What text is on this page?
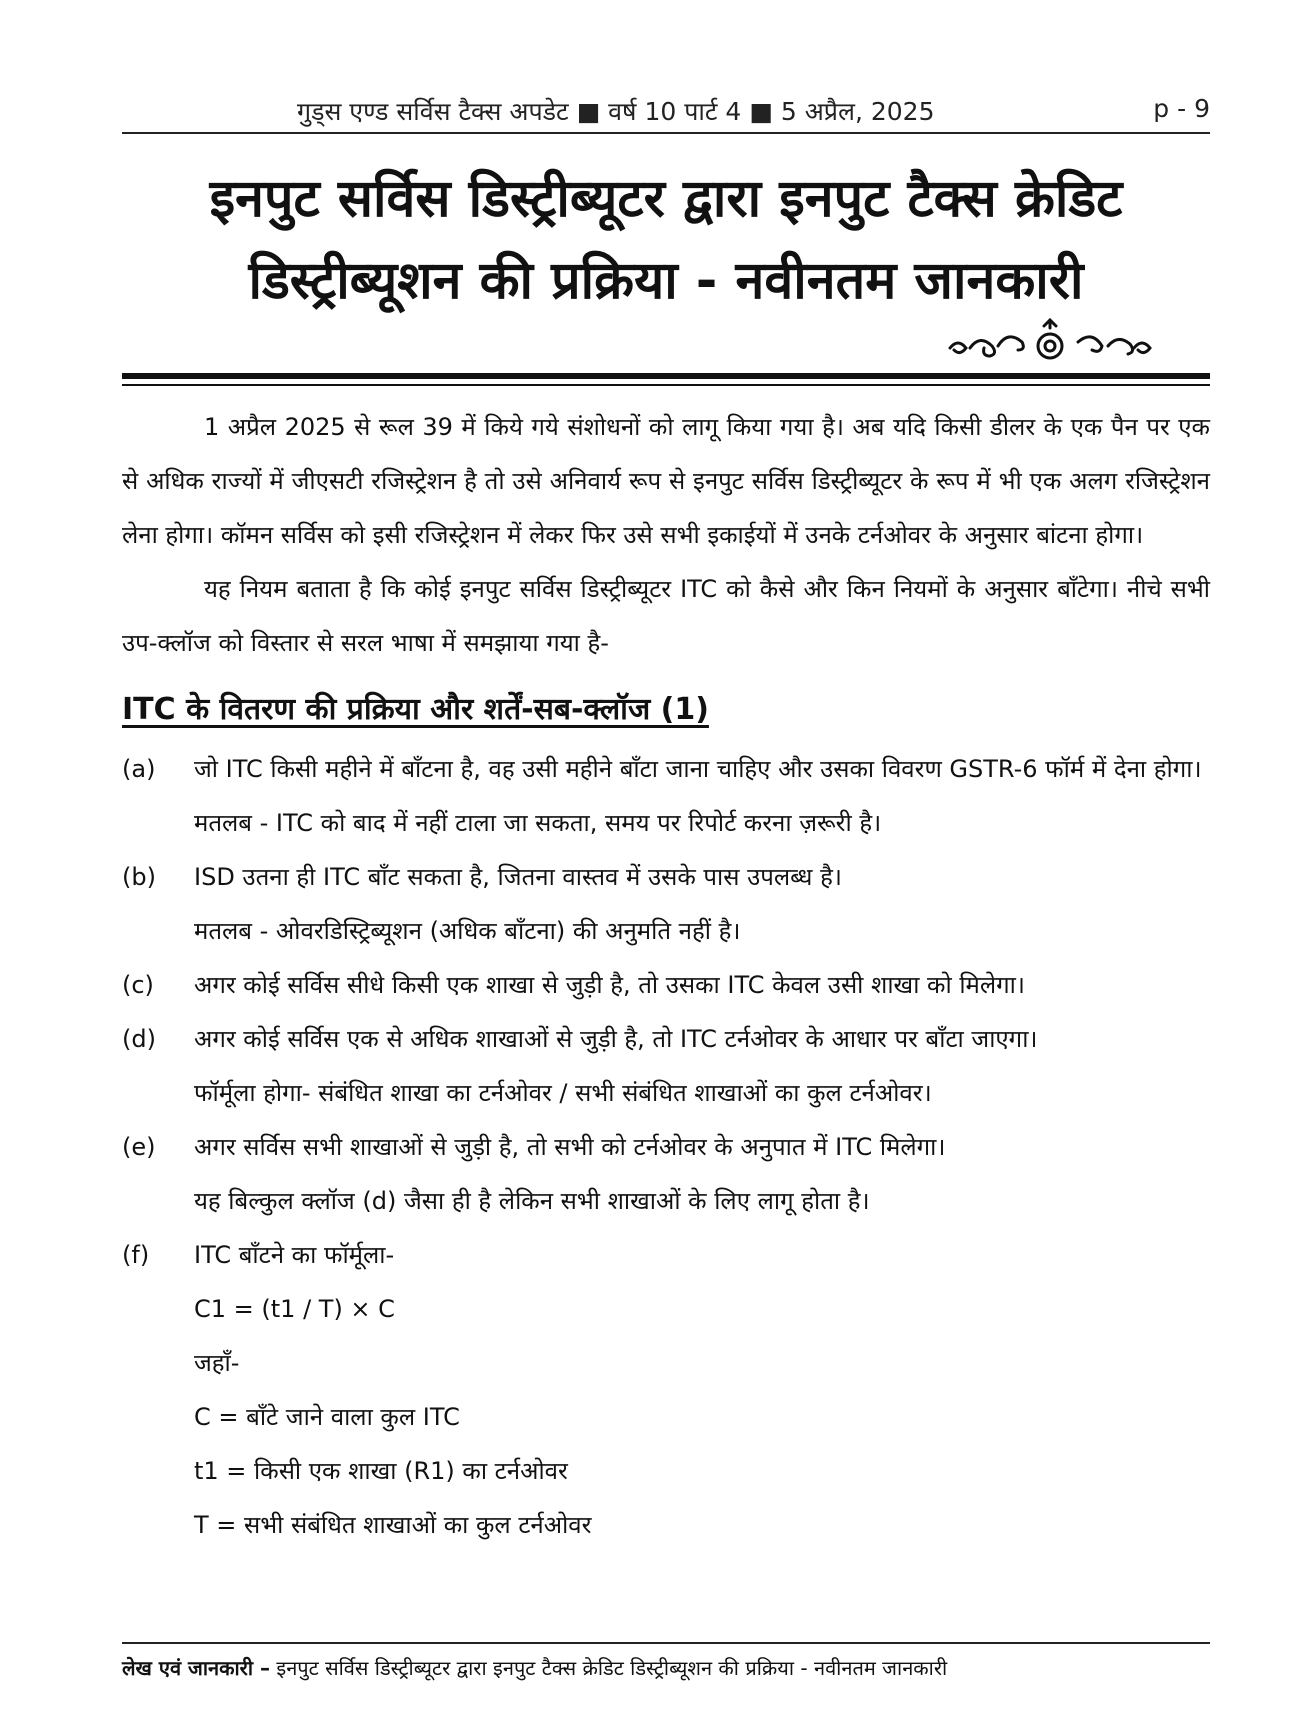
गुड्स एण्ड सर्विस टैक्स अपडेट ■ वर्ष 10 पार्ट 4 ■ 5 अप्रैल, 2025	p - 9
इनपुट सर्विस डिस्ट्रीब्यूटर द्वारा इनपुट टैक्स क्रेडिट
डिस्ट्रीब्यूशन की प्रक्रिया - नवीनतम जानकारी

1 अप्रैल 2025 से रूल 39 में किये गये संशोधनों को लागू किया गया है। अब यदि किसी डीलर के एक पैन पर एक से अधिक राज्यों में जीएसटी रजिस्ट्रेशन है तो उसे अनिवार्य रूप से इनपुट सर्विस डिस्ट्रीब्यूटर के रूप में भी एक अलग रजिस्ट्रेशन लेना होगा। कॉमन सर्विस को इसी रजिस्ट्रेशन में लेकर फिर उसे सभी इकाईयों में उनके टर्नओवर के अनुसार बांटना होगा।

यह नियम बताता है कि कोई इनपुट सर्विस डिस्ट्रीब्यूटर ITC को कैसे और किन नियमों के अनुसार बाँटेगा। नीचे सभी उप-क्लॉज को विस्तार से सरल भाषा में समझाया गया है-

ITC के वितरण की प्रक्रिया और शर्तें-सब-क्लॉज (1)
(a) जो ITC किसी महीने में बाँटना है, वह उसी महीने बाँटा जाना चाहिए और उसका विवरण GSTR-6 फॉर्म में देना होगा।
मतलब - ITC को बाद में नहीं टाला जा सकता, समय पर रिपोर्ट करना ज़रूरी है।
(b) ISD उतना ही ITC बाँट सकता है, जितना वास्तव में उसके पास उपलब्ध है।
मतलब - ओवरडिस्ट्रिब्यूशन (अधिक बाँटना) की अनुमति नहीं है।
(c) अगर कोई सर्विस सीधे किसी एक शाखा से जुड़ी है, तो उसका ITC केवल उसी शाखा को मिलेगा।
(d) अगर कोई सर्विस एक से अधिक शाखाओं से जुड़ी है, तो ITC टर्नओवर के आधार पर बाँटा जाएगा।
फॉर्मूला होगा- संबंधित शाखा का टर्नओवर / सभी संबंधित शाखाओं का कुल टर्नओवर।
(e) अगर सर्विस सभी शाखाओं से जुड़ी है, तो सभी को टर्नओवर के अनुपात में ITC मिलेगा।
यह बिल्कुल क्लॉज (d) जैसा ही है लेकिन सभी शाखाओं के लिए लागू होता है।
(f) ITC बाँटने का फॉर्मूला-
C1 = (t1 / T) × C
जहाँ-
C = बाँटे जाने वाला कुल ITC
t1 = किसी एक शाखा (R1) का टर्नओवर
T = सभी संबंधित शाखाओं का कुल टर्नओवर
लेख एवं जानकारी – इनपुट सर्विस डिस्ट्रीब्यूटर द्वारा इनपुट टैक्स क्रेडिट डिस्ट्रीब्यूशन की प्रक्रिया - नवीनतम जानकारी
